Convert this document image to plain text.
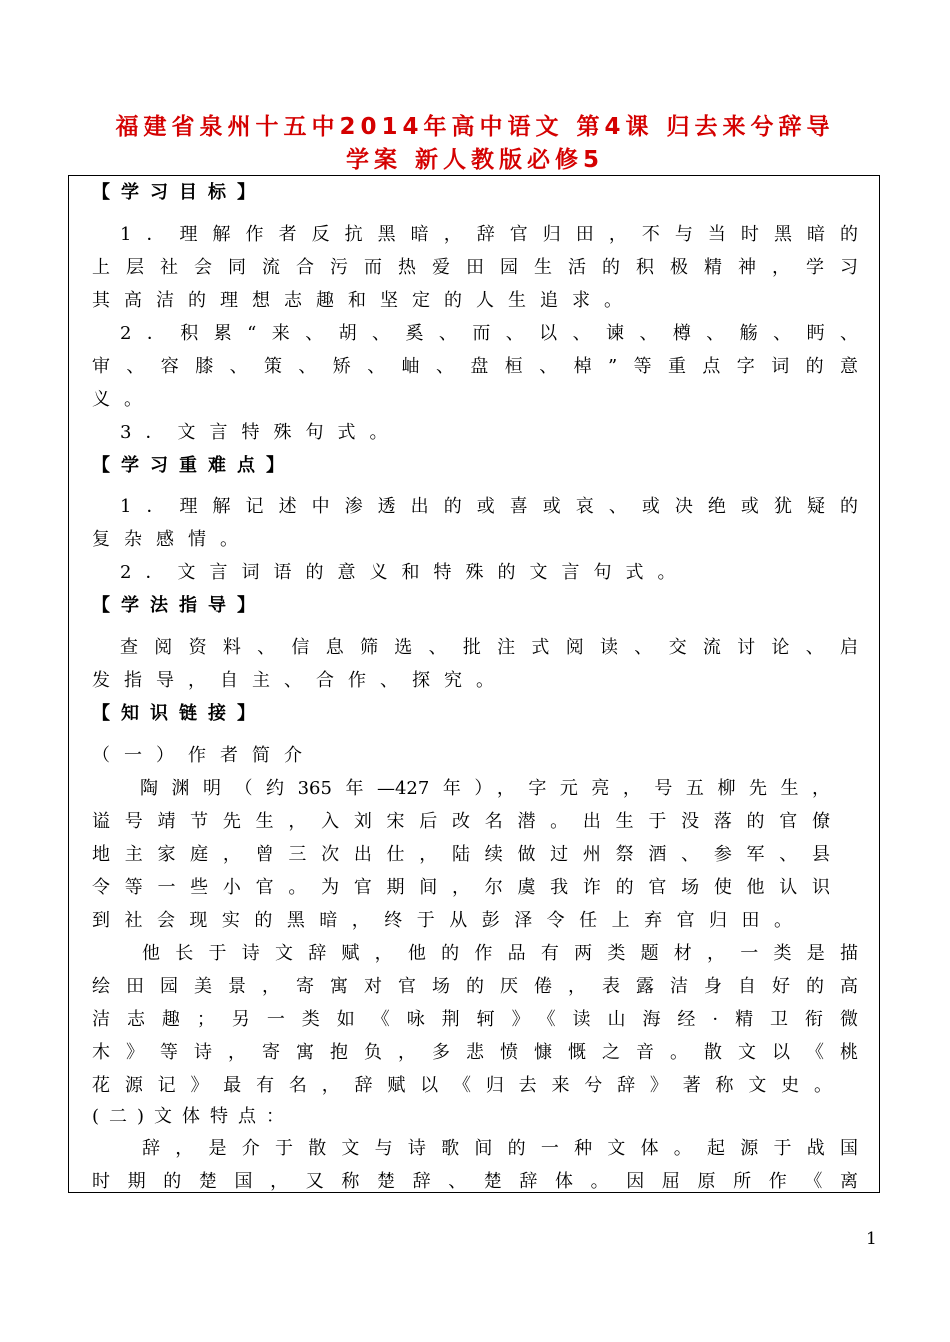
福建省泉州十五中2014年高中语文 第4课 归去来兮辞导
学案 新人教版必修5
【学习目标】
1．理解作者反抗黑暗，辞官归田，不与当时黑暗的
上层社会同流合污而热爱田园生活的积极精神，学习
其高洁的理想志趣和坚定的人生追求。
2．积累“来、胡、奚、而、以、谏、樽、觞、眄、
审、容膝、策、矫、岫、盘桓、棹”等重点字词的意
义。
3．文言特殊句式。
【学习重难点】
1．理解记述中渗透出的或喜或哀、或决绝或犹疑的
复杂感情。
2．文言词语的意义和特殊的文言句式。
【学法指导】
查阅资料、信息筛选、批注式阅读、交流讨论、启
发指导，自主、合作、探究。
【知识链接】
（一）作者简介
陶渊明（约365年—427年），字元亮，号五柳先生，
谥号靖节先生，入刘宋后改名潜。出生于没落的官僚
地主家庭，曾三次出仕，陆续做过州祭酒、参军、县
令等一些小官。为官期间，尔虞我诈的官场使他认识
到社会现实的黑暗，终于从彭泽令任上弃官归田。
他长于诗文辞赋，他的作品有两类题材，一类是描
绘田园美景，寄寓对官场的厌倦，表露洁身自好的高
洁志趣；另一类如《咏荆轲》《读山海经·精卫衔微
木》等诗，寄寓抱负，多悲愤慷慨之音。散文以《桃
花源记》最有名，辞赋以《归去来兮辞》著称文史。
(二)文体特点：
辞，是介于散文与诗歌间的一种文体。起源于战国
时期的楚国，又称楚辞、楚辞体。因屈原所作《离
1
